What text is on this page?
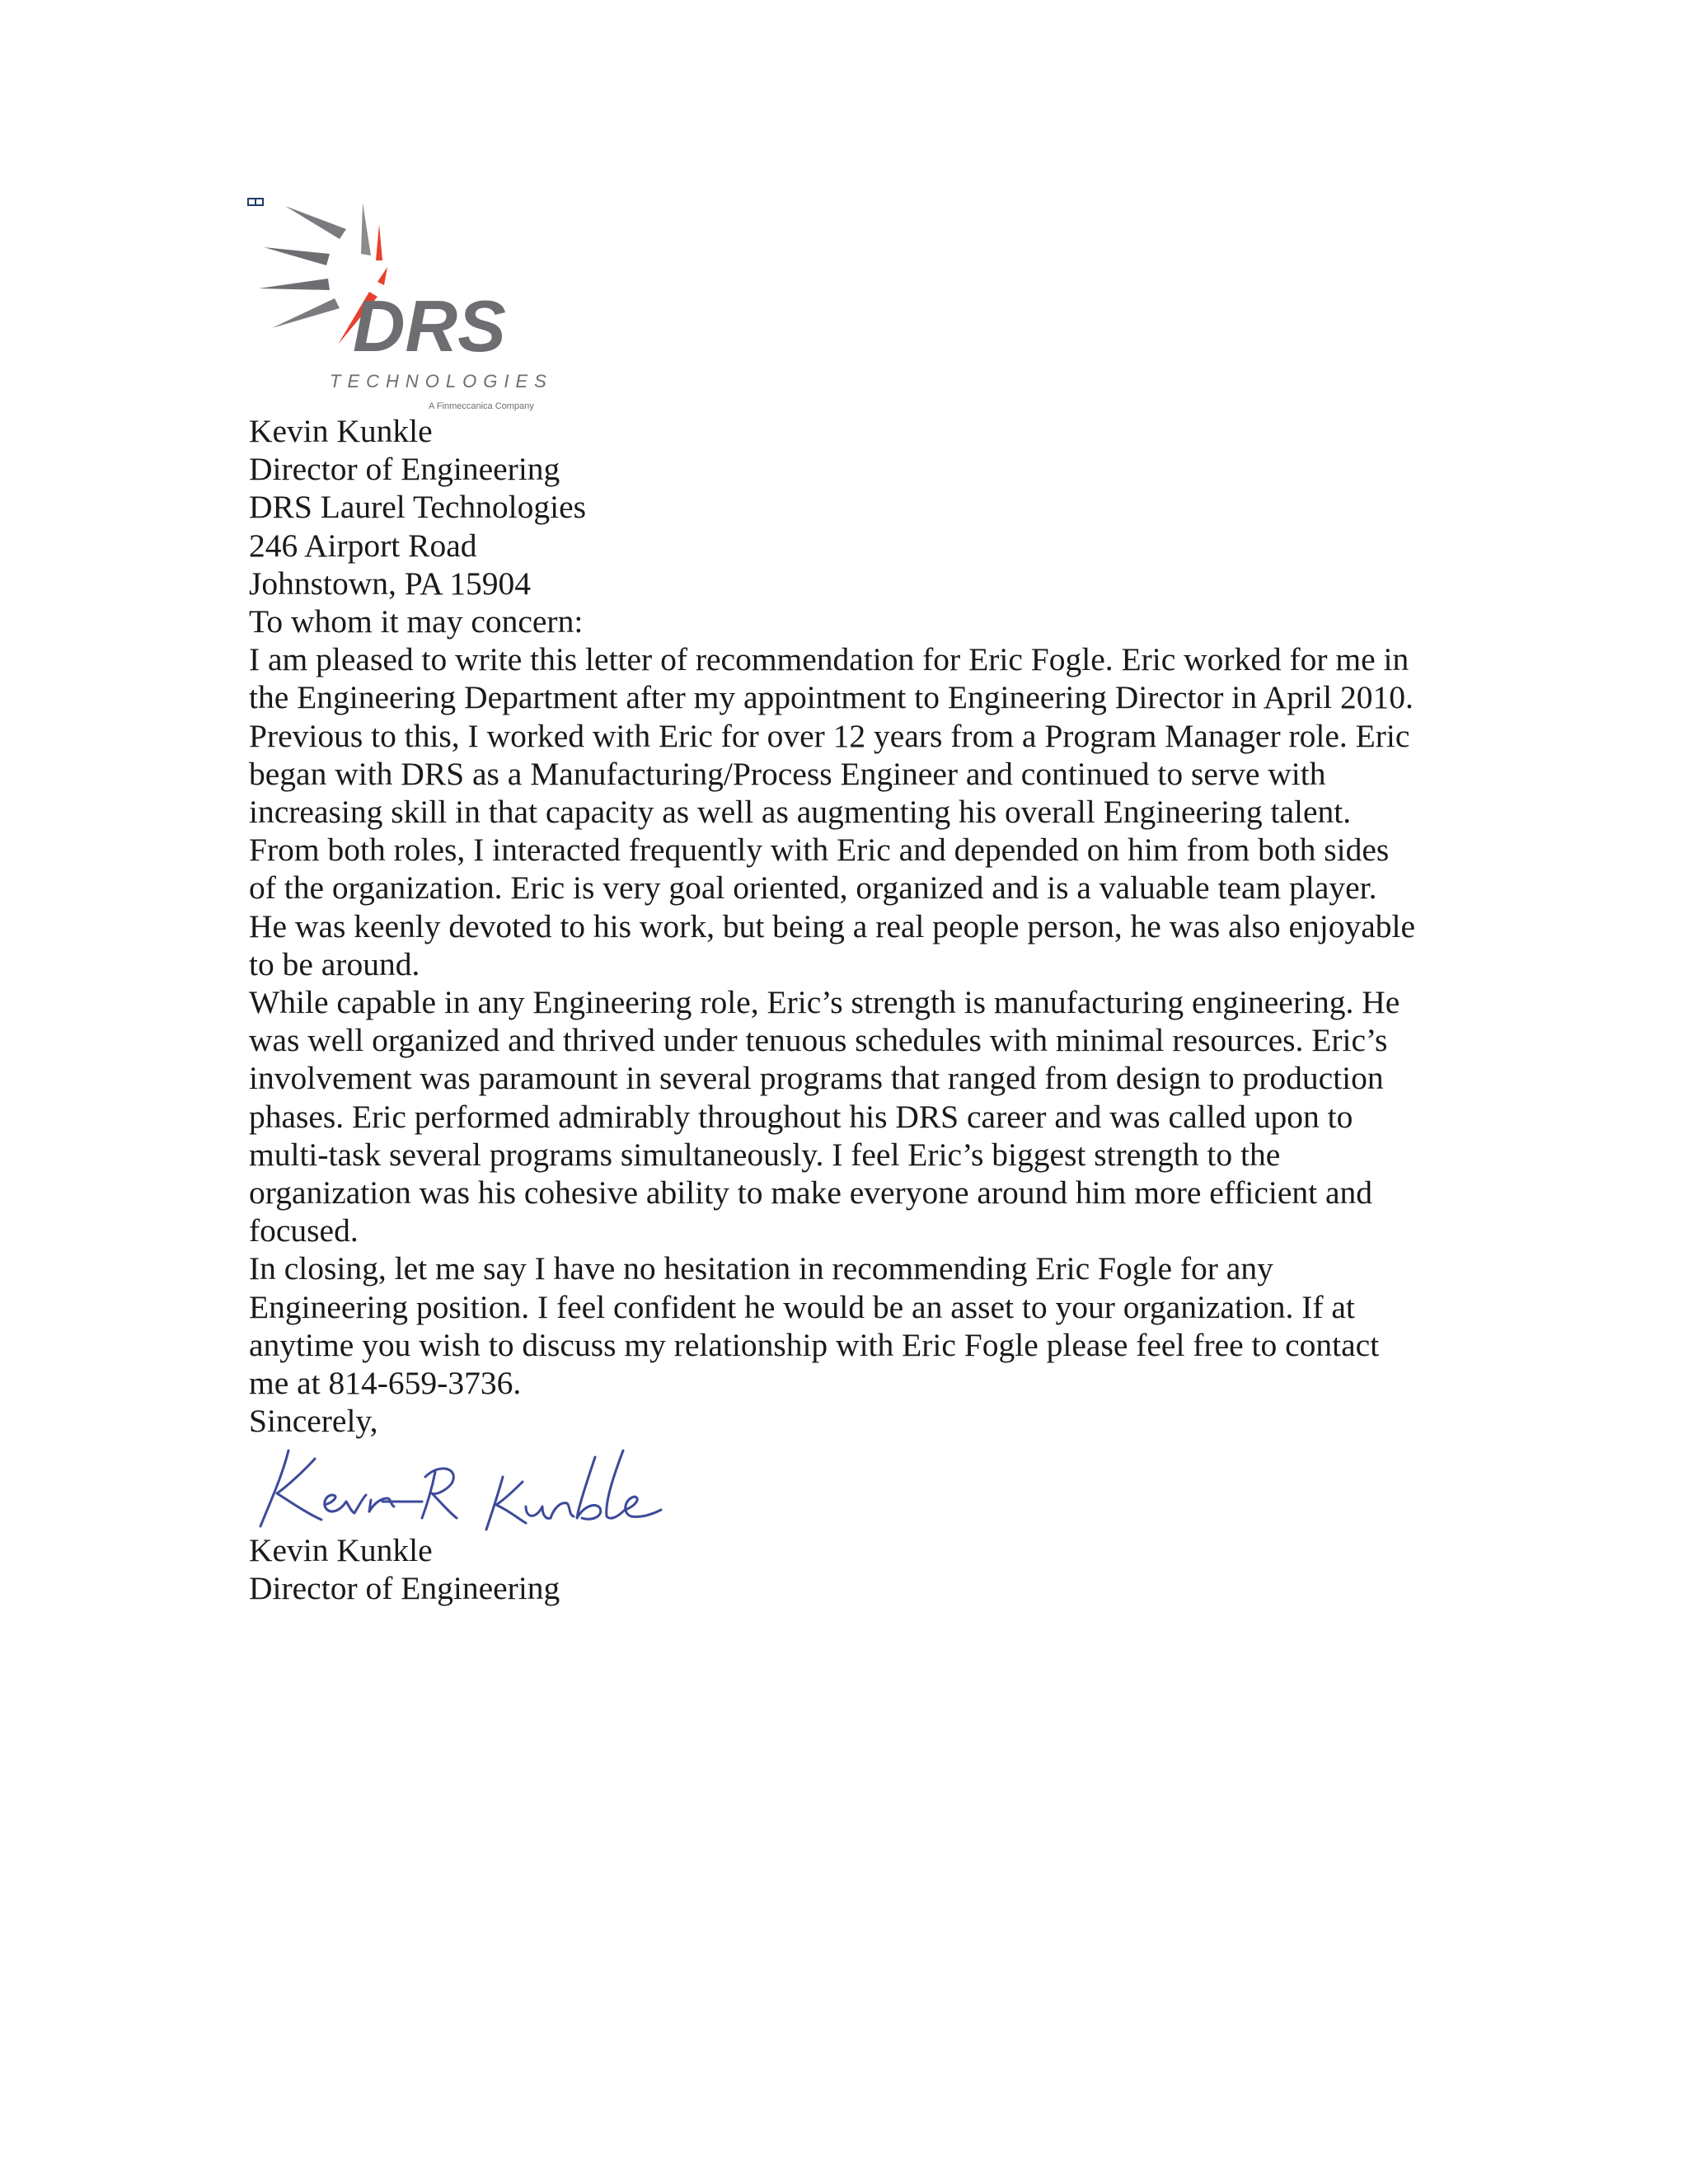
DRS
TECHNOLOGIES
A Finmeccanica Company
Kevin Kunkle
Director of Engineering
DRS Laurel Technologies
246 Airport Road
Johnstown, PA 15904
To whom it may concern:
I am pleased to write this letter of recommendation for Eric Fogle. Eric worked for me in
the Engineering Department after my appointment to Engineering Director in April 2010.
Previous to this, I worked with Eric for over 12 years from a Program Manager role. Eric
began with DRS as a Manufacturing/Process Engineer and continued to serve with
increasing skill in that capacity as well as augmenting his overall Engineering talent.
From both roles, I interacted frequently with Eric and depended on him from both sides
of the organization. Eric is very goal oriented, organized and is a valuable team player.
He was keenly devoted to his work, but being a real people person, he was also enjoyable
to be around.
While capable in any Engineering role, Eric’s strength is manufacturing engineering. He
was well organized and thrived under tenuous schedules with minimal resources. Eric’s
involvement was paramount in several programs that ranged from design to production
phases. Eric performed admirably throughout his DRS career and was called upon to
multi-task several programs simultaneously. I feel Eric’s biggest strength to the
organization was his cohesive ability to make everyone around him more efficient and
focused.
In closing, let me say I have no hesitation in recommending Eric Fogle for any
Engineering position. I feel confident he would be an asset to your organization. If at
anytime you wish to discuss my relationship with Eric Fogle please feel free to contact
me at 814-659-3736.
Sincerely,
Kevin Kunkle
Director of Engineering
